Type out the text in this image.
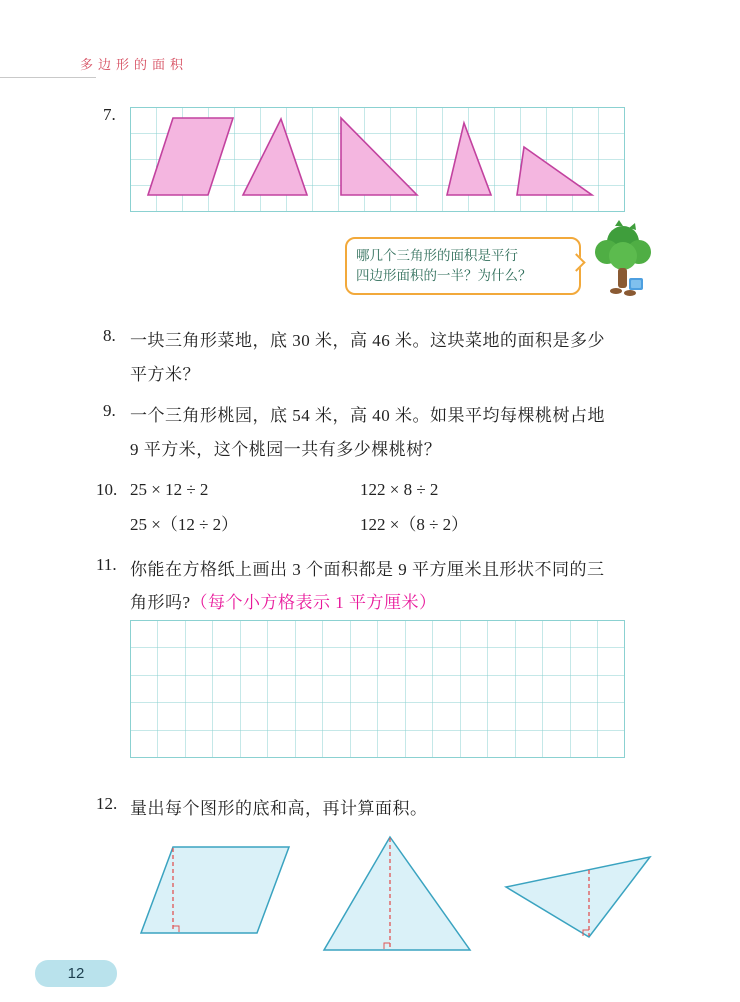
多边形的面积
7.
哪几个三角形的面积是平行
四边形面积的一半？为什么？
8. 一块三角形菜地，底 30 米，高 46 米。这块菜地的面积是多少
平方米？
9. 一个三角形桃园，底 54 米，高 40 米。如果平均每棵桃树占地
9 平方米，这个桃园一共有多少棵桃树？
10. 25 × 12 ÷ 2	122 × 8 ÷ 2
25 ×（12 ÷ 2）	122 ×（8 ÷ 2）
11. 你能在方格纸上画出 3 个面积都是 9 平方厘米且形状不同的三
角形吗?（每个小方格表示 1 平方厘米）
12. 量出每个图形的底和高，再计算面积。
12
